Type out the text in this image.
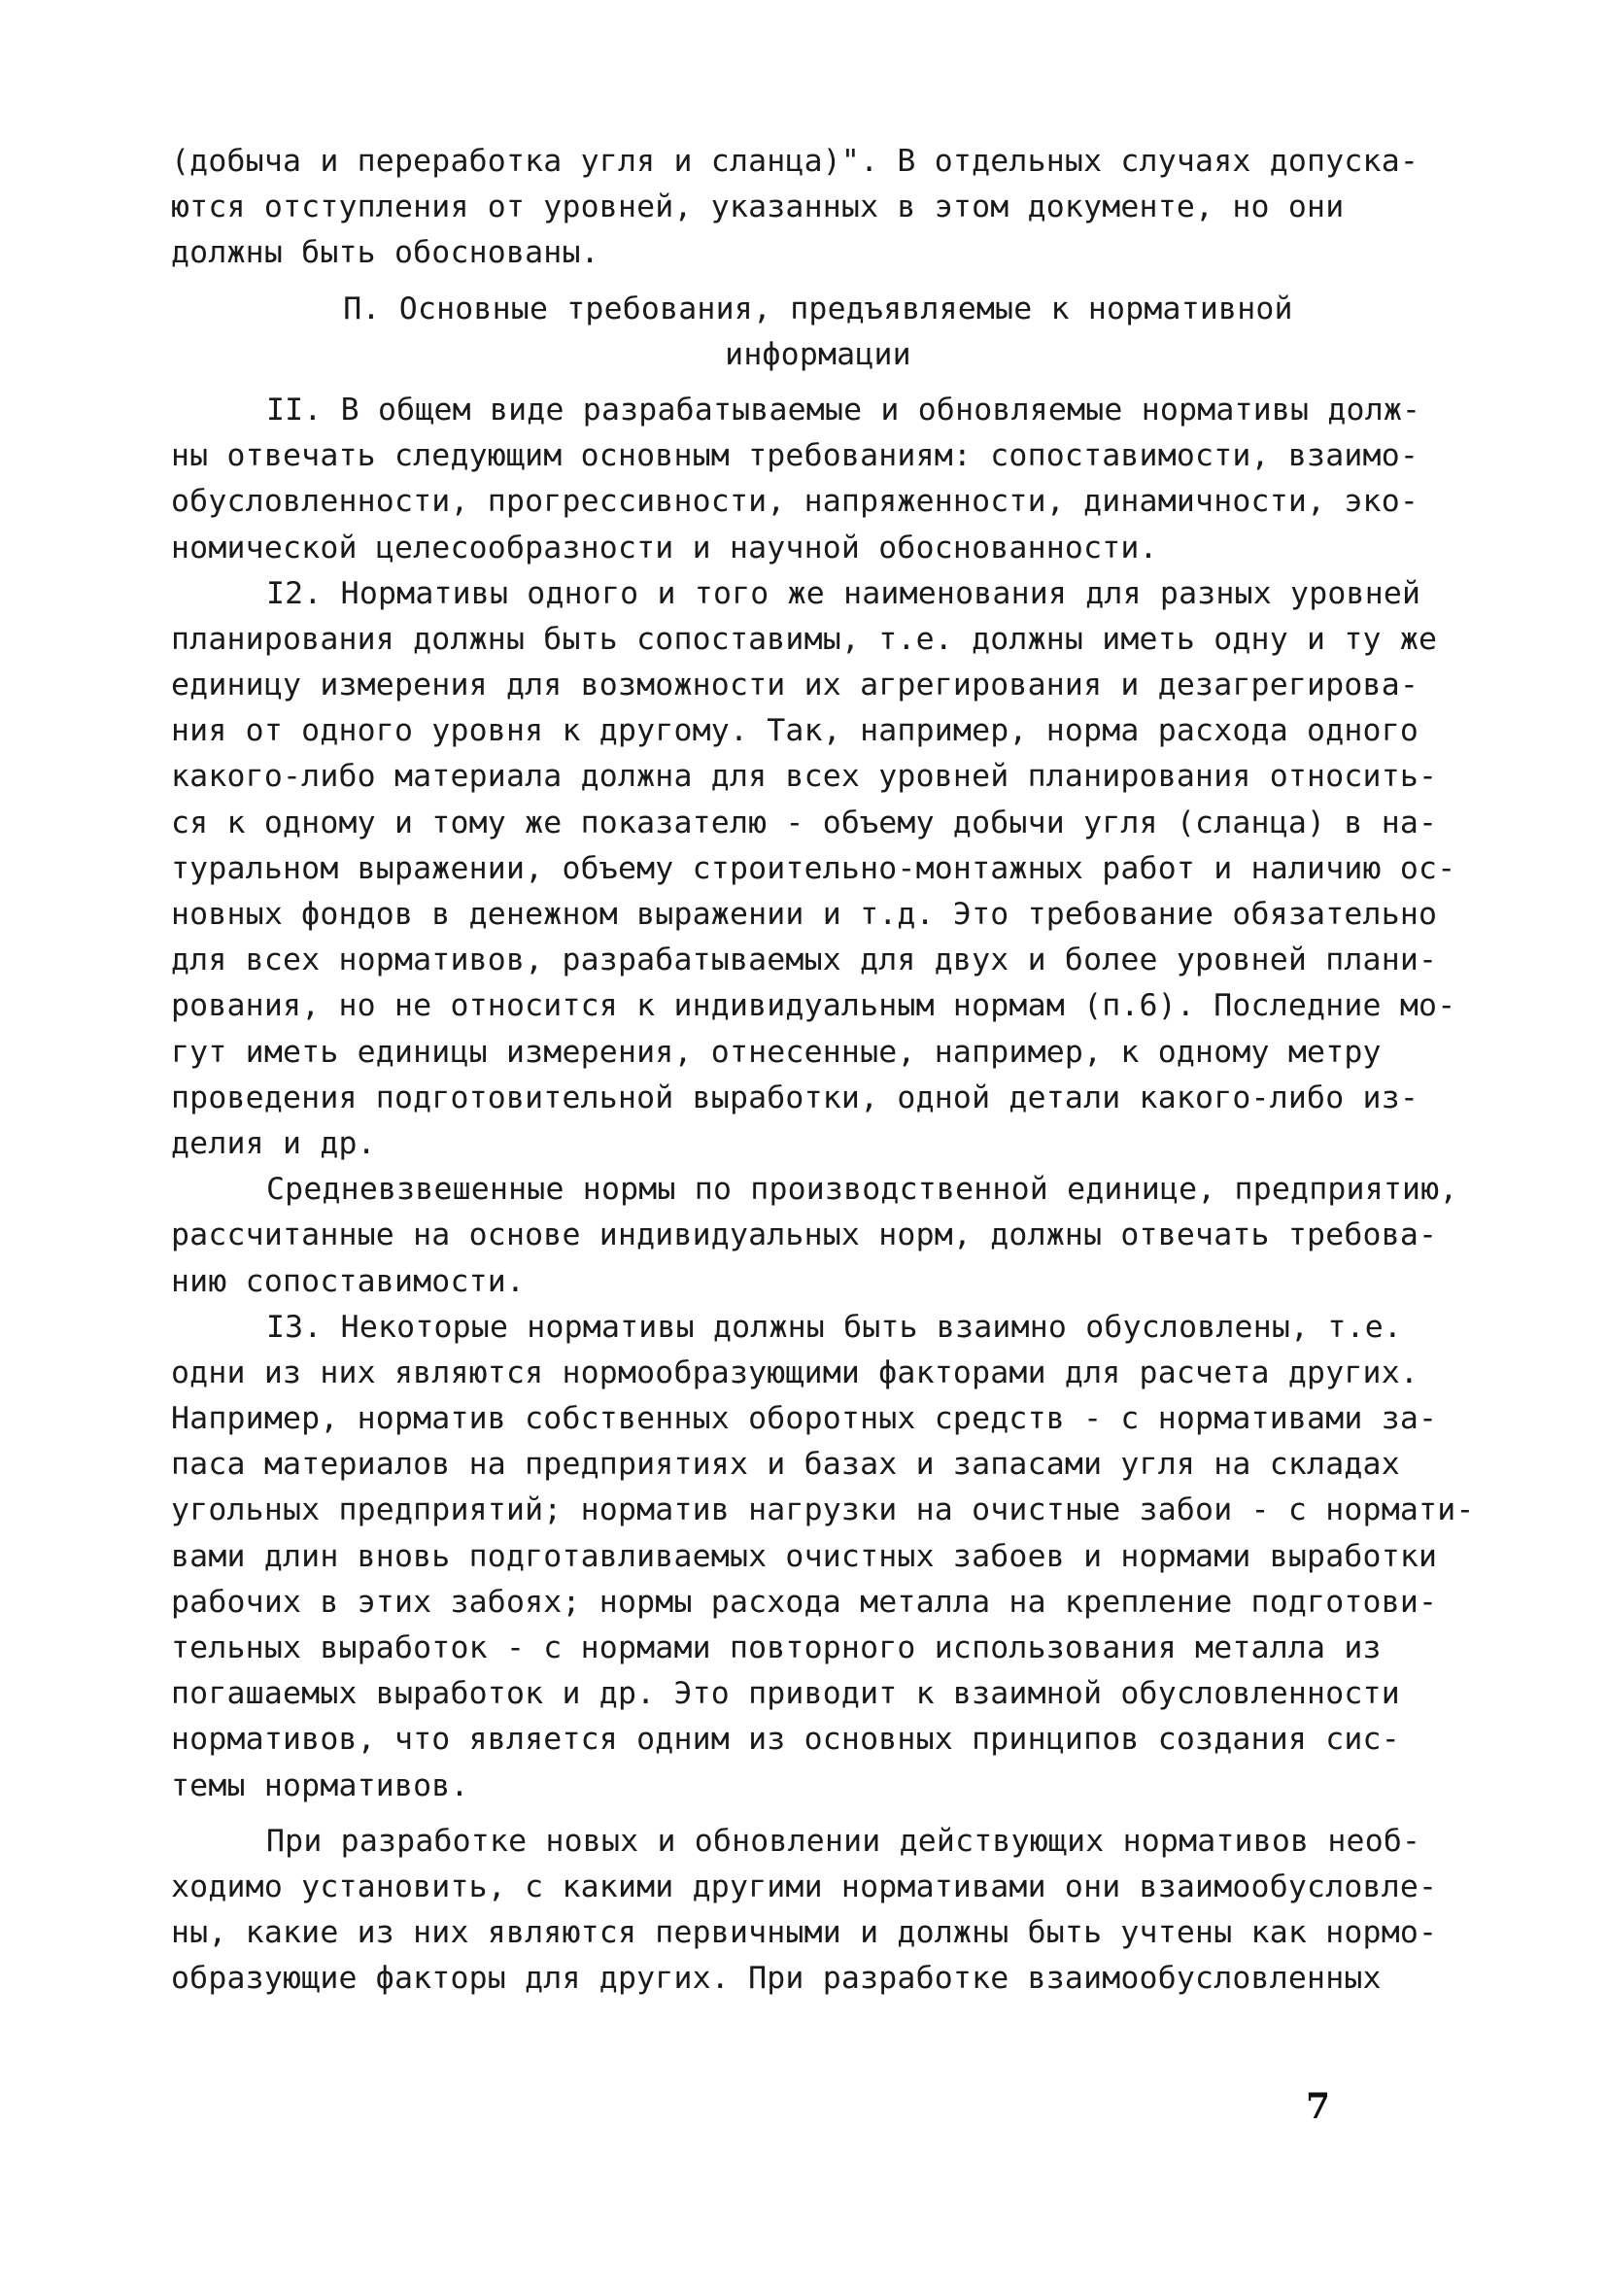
(добыча и переработка угля и сланца)". В отдельных случаях допуска-
ются отступления от уровней, указанных в этом документе, но они
должны быть обоснованы.
П. Основные требования, предъявляемые к нормативной
информации
II. В общем виде разрабатываемые и обновляемые нормативы долж-
ны отвечать следующим основным требованиям: сопоставимости, взаимо-
обусловленности, прогрессивности, напряженности, динамичности, эко-
номической целесообразности и научной обоснованности.
I2. Нормативы одного и того же наименования для разных уровней
планирования должны быть сопоставимы, т.е. должны иметь одну и ту же
единицу измерения для возможности их агрегирования и дезагрегирова-
ния от одного уровня к другому. Так, например, норма расхода одного
какого-либо материала должна для всех уровней планирования относить-
ся к одному и тому же показателю - объему добычи угля (сланца) в на-
туральном выражении, объему строительно-монтажных работ и наличию ос-
новных фондов в денежном выражении и т.д. Это требование обязательно
для всех нормативов, разрабатываемых для двух и более уровней плани-
рования, но не относится к индивидуальным нормам (п.6). Последние мо-
гут иметь единицы измерения, отнесенные, например, к одному метру
проведения подготовительной выработки, одной детали какого-либо из-
делия и др.
Средневзвешенные нормы по производственной единице, предприятию,
рассчитанные на основе индивидуальных норм, должны отвечать требова-
нию сопоставимости.
I3. Некоторые нормативы должны быть взаимно обусловлены, т.е.
одни из них являются нормообразующими факторами для расчета других.
Например, норматив собственных оборотных средств - с нормативами за-
паса материалов на предприятиях и базах и запасами угля на складах
угольных предприятий; норматив нагрузки на очистные забои - с нормати-
вами длин вновь подготавливаемых очистных забоев и нормами выработки
рабочих в этих забоях; нормы расхода металла на крепление подготови-
тельных выработок - с нормами повторного использования металла из
погашаемых выработок и др. Это приводит к взаимной обусловленности
нормативов, что является одним из основных принципов создания сис-
темы нормативов.
При разработке новых и обновлении действующих нормативов необ-
ходимо установить, с какими другими нормативами они взаимообусловле-
ны, какие из них являются первичными и должны быть учтены как нормо-
образующие факторы для других. При разработке взаимообусловленных
7
